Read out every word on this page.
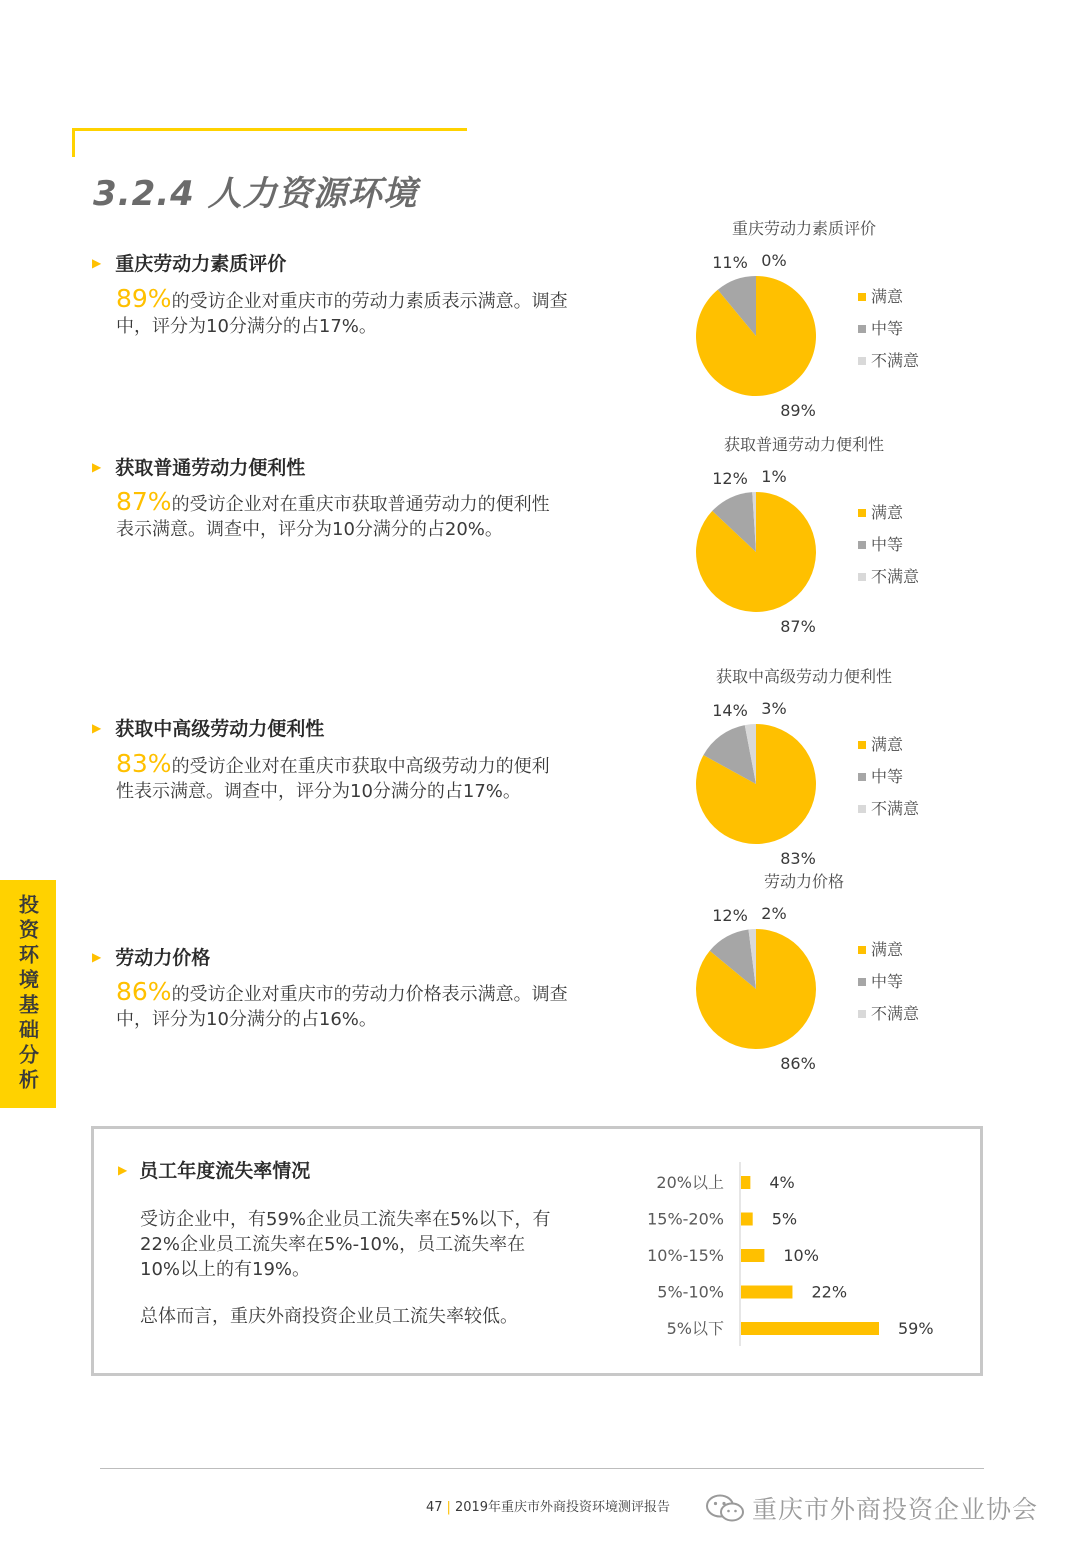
3.2.4 人力资源环境
投资环境基础分析
▶ 重庆劳动力素质评价
89%的受访企业对重庆市的劳动力素质表示满意。调查中，评分为10分满分的占17%。
▶ 获取普通劳动力便利性
87%的受访企业对在重庆市获取普通劳动力的便利性表示满意。调查中，评分为10分满分的占20%。
▶ 获取中高级劳动力便利性
83%的受访企业对在重庆市获取中高级劳动力的便利性表示满意。调查中，评分为10分满分的占17%。
▶ 劳动力价格
86%的受访企业对重庆市的劳动力价格表示满意。调查中，评分为10分满分的占16%。
重庆劳动力素质评价
89%
11% 0%
满意
中等
不满意
获取普通劳动力便利性
87%
12% 1%
满意
中等
不满意
获取中高级劳动力便利性
83%
14% 3%
满意
中等
不满意
劳动力价格
86%
12% 2%
满意
中等
不满意
▶ 员工年度流失率情况

受访企业中，有59%企业员工流失率在5%以下，有22%企业员工流失率在5%-10%，员工流失率在10%以上的有19%。

总体而言，重庆外商投资企业员工流失率较低。

20%以上	4%
15%-20%	5%
10%-15%	10%
5%-10%	22%
5%以下	59%
47 | 2019年重庆市外商投资环境测评报告	重庆市外商投资企业协会
